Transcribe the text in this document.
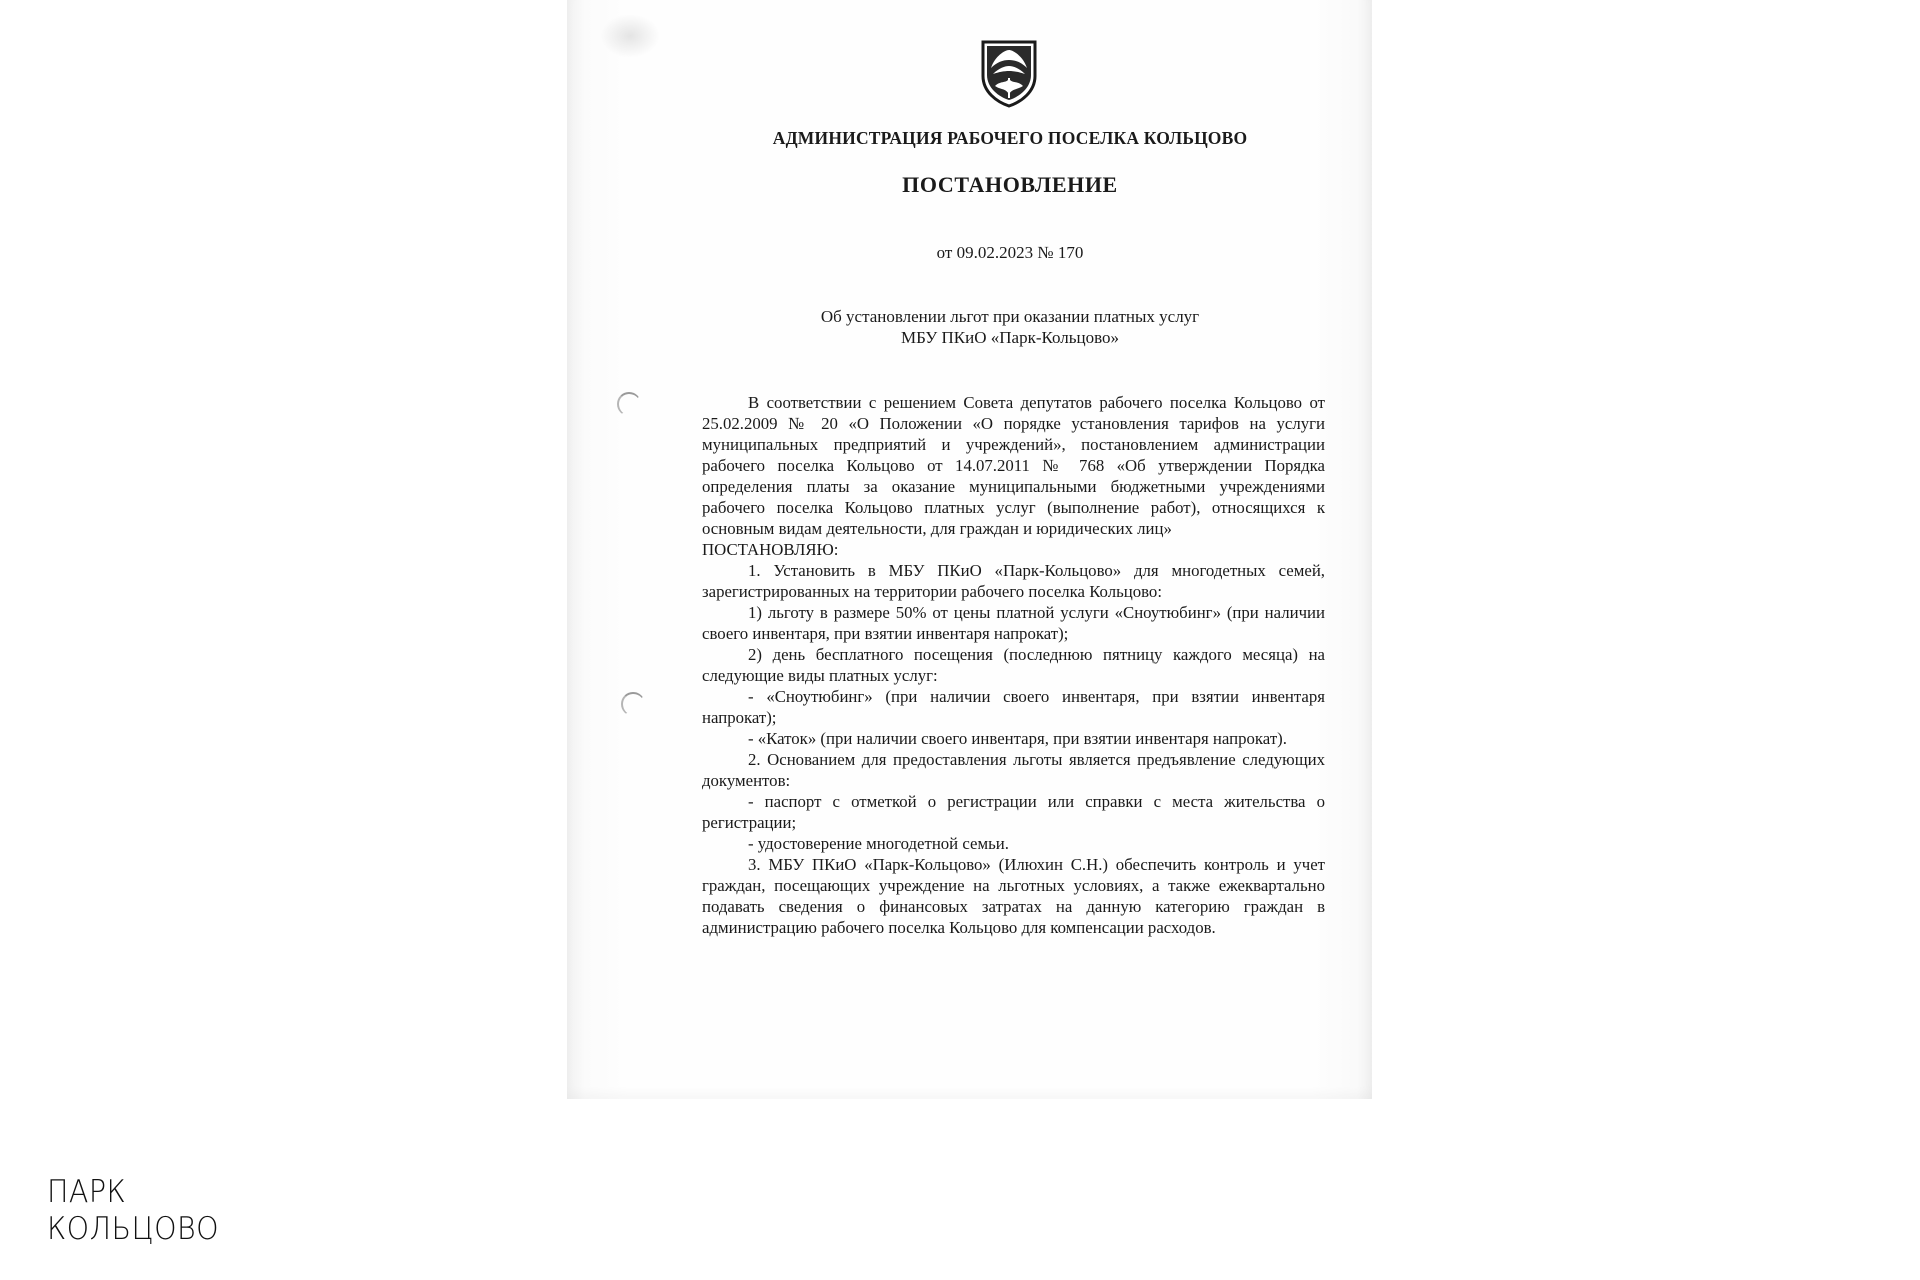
АДМИНИСТРАЦИЯ РАБОЧЕГО ПОСЕЛКА КОЛЬЦОВО
ПОСТАНОВЛЕНИЕ
от 09.02.2023 № 170
Об установлении льгот при оказании платных услуг
МБУ ПКиО «Парк-Кольцово»

В соответствии с решением Совета депутатов рабочего поселка Кольцово от 25.02.2009 № 20 «О Положении «О порядке установления тарифов на услуги муниципальных предприятий и учреждений», постановлением администрации рабочего поселка Кольцово от 14.07.2011 № 768 «Об утверждении Порядка определения платы за оказание муниципальными бюджетными учреждениями рабочего поселка Кольцово платных услуг (выполнение работ), относящихся к основным видам деятельности, для граждан и юридических лиц»

ПОСТАНОВЛЯЮ:

1. Установить в МБУ ПКиО «Парк-Кольцово» для многодетных семей, зарегистрированных на территории рабочего поселка Кольцово:

1) льготу в размере 50% от цены платной услуги «Сноутюбинг» (при наличии своего инвентаря, при взятии инвентаря напрокат);

2) день бесплатного посещения (последнюю пятницу каждого месяца) на следующие виды платных услуг:

- «Сноутюбинг» (при наличии своего инвентаря, при взятии инвентаря напрокат);

- «Каток» (при наличии своего инвентаря, при взятии инвентаря напрокат).

2. Основанием для предоставления льготы является предъявление следующих документов:

- паспорт с отметкой о регистрации или справки с места жительства о регистрации;

- удостоверение многодетной семьи.

3. МБУ ПКиО «Парк-Кольцово» (Илюхин С.Н.) обеспечить контроль и учет граждан, посещающих учреждение на льготных условиях, а также ежеквартально подавать сведения о финансовых затратах на данную категорию граждан в администрацию рабочего поселка Кольцово для компенсации расходов.

ПАРК
КОЛЬЦОВО
